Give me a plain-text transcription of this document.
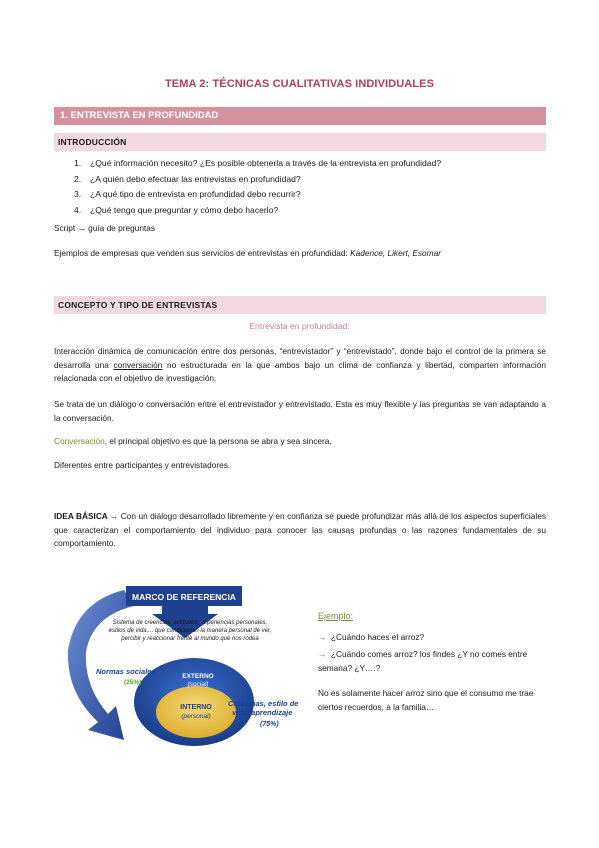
TEMA 2: TÉCNICAS CUALITATIVAS INDIVIDUALES
1. ENTREVISTA EN PROFUNDIDAD
INTRODUCCIÓN
1. ¿Qué información necesito? ¿Es posible obtenerla a través de la entrevista en profundidad?
2. ¿A quién debo efectuar las entrevistas en profundidad?
3. ¿A qué tipo de entrevista en profundidad debo recurrir?
4. ¿Qué tengo que preguntar y cómo debo hacerlo?

Script → guía de preguntas

Ejemplos de empresas que venden sus servicios de entrevistas en profundidad: Kadence, Likert, Esomar

CONCEPTO Y TIPO DE ENTREVISTAS
Entrevista en profundidad:

Interacción dinámica de comunicación entre dos personas, “entrevistador” y “entrevistado”, donde bajo el control de la primera se desarrolla una conversación no estructurada en la que ambos bajo un clima de confianza y libertad, comparten información relacionada con el objetivo de investigación.

Se trata de un diálogo o conversación entre el entrevistador y entrevistado. Esta es muy flexible y las preguntas se van adaptando a la conversación.

Conversación, el principal objetivo es que la persona se abra y sea sincera.

Diferentes entre participantes y entrevistadores.

IDEA BÁSICA → Con un diálogo desarrollado libremente y en confianza se puede profundizar más allá de los aspectos superficiales que caracterizan el comportamiento del individuo para conocer las causas profundas o las razones fundamentales de su comportamiento.

MARCO DE REFERENCIA
Sistema de creencias, actitudes, experiencias personales,
estilos de vida,... que condicionan la manera personal de ver,
percibir y reaccionar frente al mundo que nos rodea
EXTERNO
(social)
INTERNO
(personal)
Normas sociales
(25%)
Creencias, estilo de
vida, aprendizaje
(75%)
Ejemplo:
→ ¿Cuándo haces el arroz?
→ ¿Cuándo comes arroz? los findes ¿Y no comes entre semana? ¿Y….?
No es solamente hacer arroz sino que el consumo me trae ciertos recuerdos, a la familia…
